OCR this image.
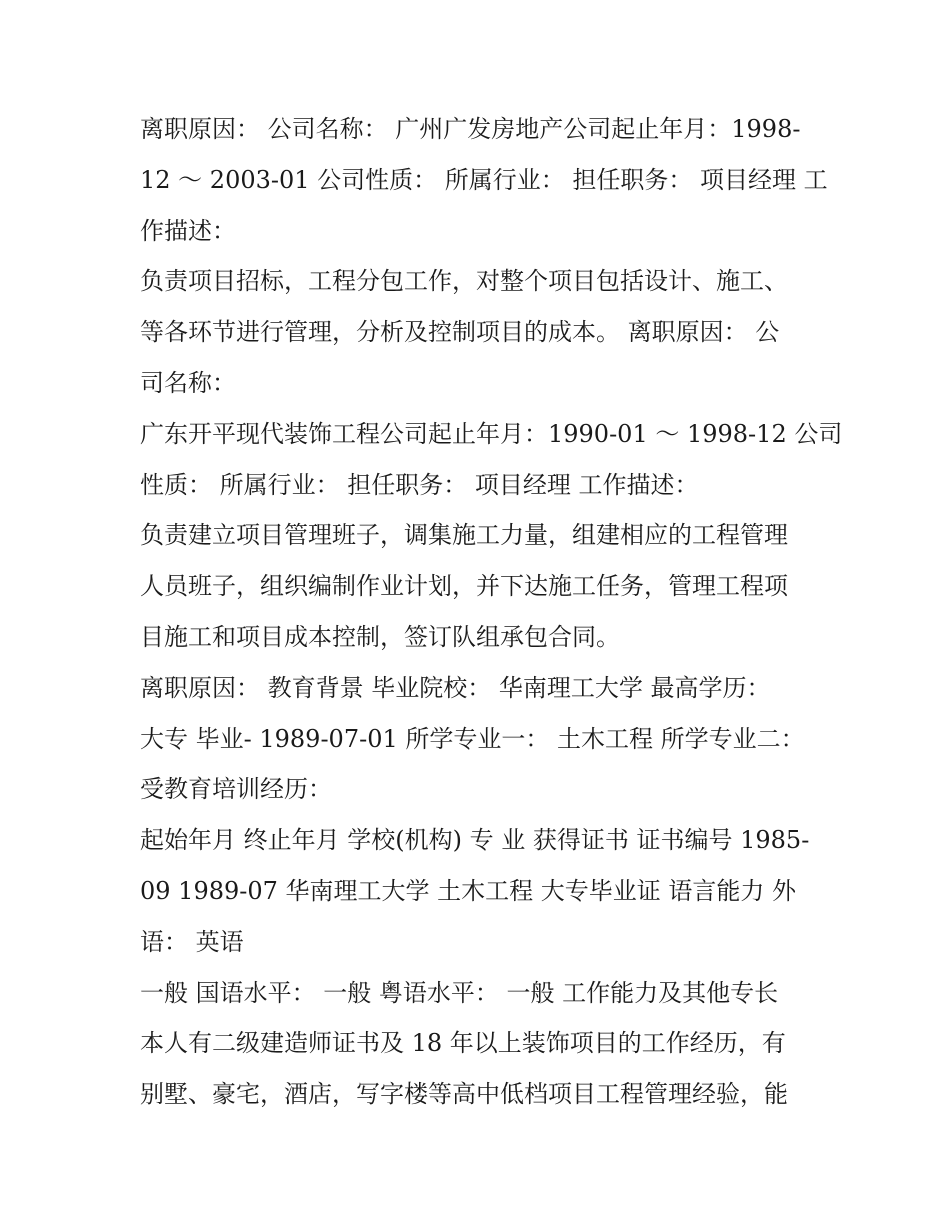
离职原因： 公司名称： 广州广发房地产公司起止年月：1998-
12 ～ 2003-01 公司性质： 所属行业： 担任职务： 项目经理 工
作描述：
负责项目招标，工程分包工作，对整个项目包括设计、施工、
等各环节进行管理，分析及控制项目的成本。 离职原因： 公
司名称：
广东开平现代装饰工程公司起止年月：1990-01 ～ 1998-12 公司
性质： 所属行业： 担任职务： 项目经理 工作描述：
负责建立项目管理班子，调集施工力量，组建相应的工程管理
人员班子，组织编制作业计划，并下达施工任务，管理工程项
目施工和项目成本控制，签订队组承包合同。
离职原因： 教育背景 毕业院校： 华南理工大学 最高学历：
大专 毕业- 1989-07-01 所学专业一： 土木工程 所学专业二：
受教育培训经历：
起始年月 终止年月 学校(机构) 专 业 获得证书 证书编号 1985-
09 1989-07 华南理工大学 土木工程 大专毕业证 语言能力 外
语： 英语
一般 国语水平： 一般 粤语水平： 一般 工作能力及其他专长
本人有二级建造师证书及 18 年以上装饰项目的工作经历，有
别墅、豪宅，酒店，写字楼等高中低档项目工程管理经验，能
